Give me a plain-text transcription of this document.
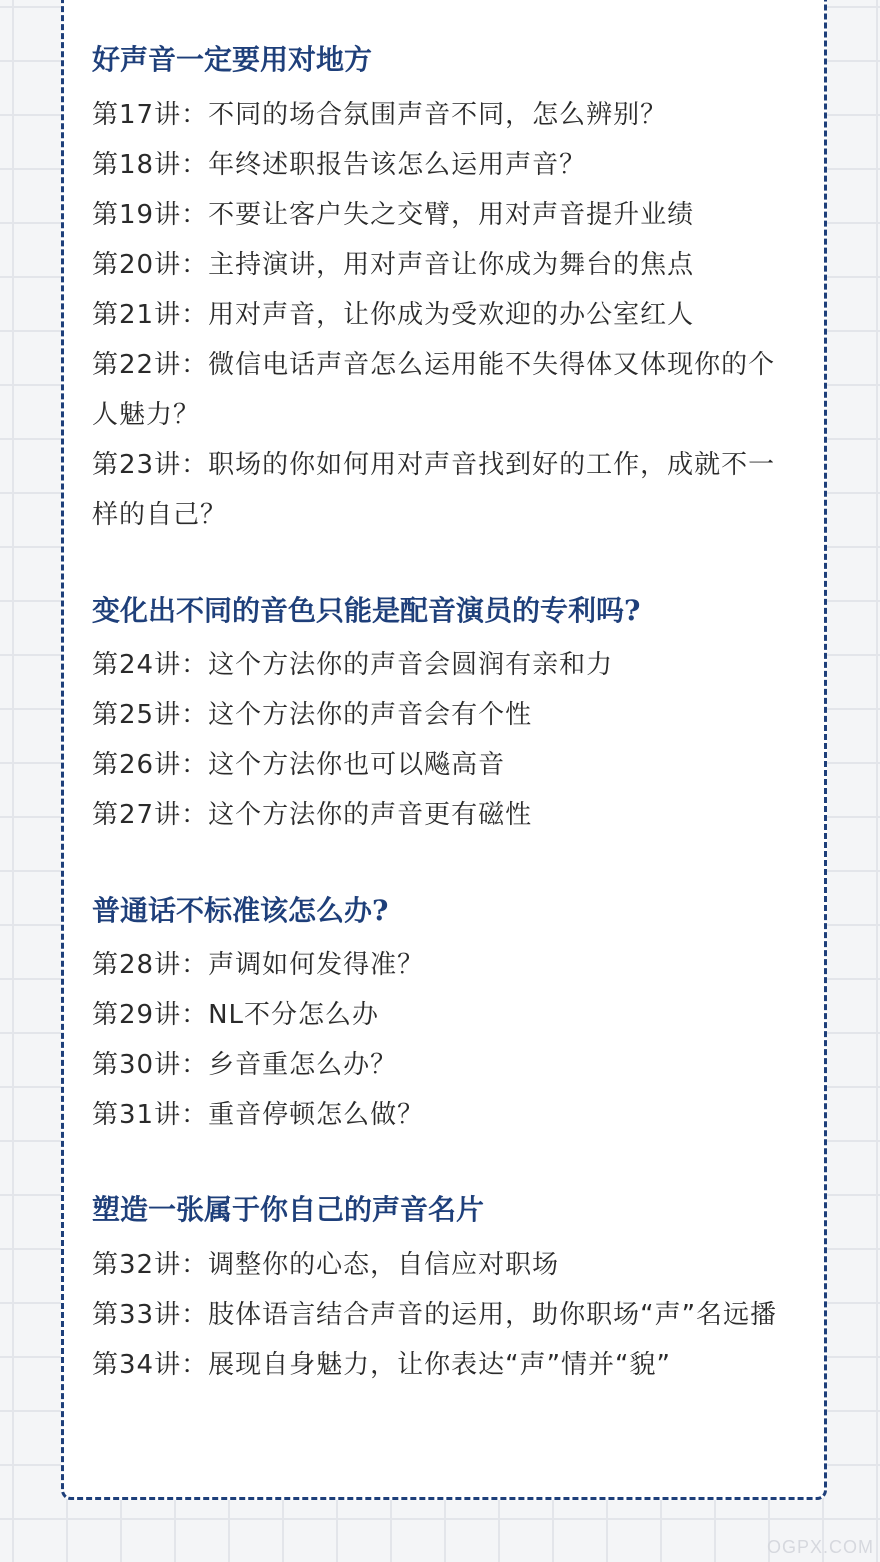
好声音一定要用对地方
第17讲：不同的场合氛围声音不同，怎么辨别？
第18讲：年终述职报告该怎么运用声音？
第19讲：不要让客户失之交臂，用对声音提升业绩
第20讲：主持演讲，用对声音让你成为舞台的焦点
第21讲：用对声音，让你成为受欢迎的办公室红人
第22讲：微信电话声音怎么运用能不失得体又体现你的个人魅力？
第23讲：职场的你如何用对声音找到好的工作，成就不一样的自己？
变化出不同的音色只能是配音演员的专利吗?
第24讲：这个方法你的声音会圆润有亲和力
第25讲：这个方法你的声音会有个性
第26讲：这个方法你也可以飚高音
第27讲：这个方法你的声音更有磁性
普通话不标准该怎么办?
第28讲：声调如何发得准？
第29讲：NL不分怎么办
第30讲：乡音重怎么办？
第31讲：重音停顿怎么做？
塑造一张属于你自己的声音名片
第32讲：调整你的心态，自信应对职场
第33讲：肢体语言结合声音的运用，助你职场“声”名远播
第34讲：展现自身魅力，让你表达“声”情并“貌”
OGPX.COM
